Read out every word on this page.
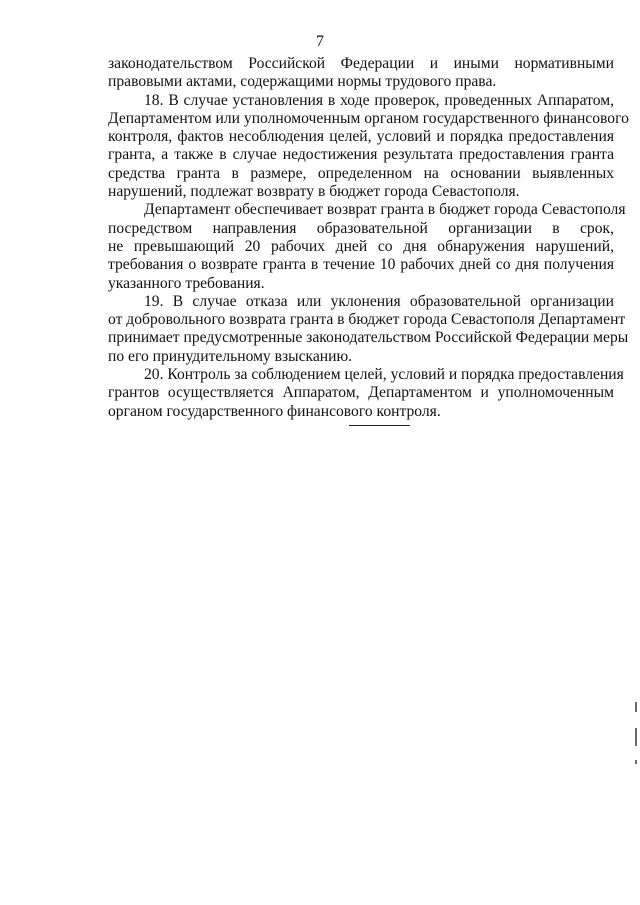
7
законодательством Российской Федерации и иными нормативными
правовыми актами, содержащими нормы трудового права.
18. В случае установления в ходе проверок, проведенных Аппаратом,
Департаментом или уполномоченным органом государственного финансового
контроля, фактов несоблюдения целей, условий и порядка предоставления
гранта, а также в случае недостижения результата предоставления гранта
средства гранта в размере, определенном на основании выявленных
нарушений, подлежат возврату в бюджет города Севастополя.
Департамент обеспечивает возврат гранта в бюджет города Севастополя
посредством направления образовательной организации в срок,
не превышающий 20 рабочих дней со дня обнаружения нарушений,
требования о возврате гранта в течение 10 рабочих дней со дня получения
указанного требования.
19. В случае отказа или уклонения образовательной организации
от добровольного возврата гранта в бюджет города Севастополя Департамент
принимает предусмотренные законодательством Российской Федерации меры
по его принудительному взысканию.
20. Контроль за соблюдением целей, условий и порядка предоставления
грантов осуществляется Аппаратом, Департаментом и уполномоченным
органом государственного финансового контроля.
